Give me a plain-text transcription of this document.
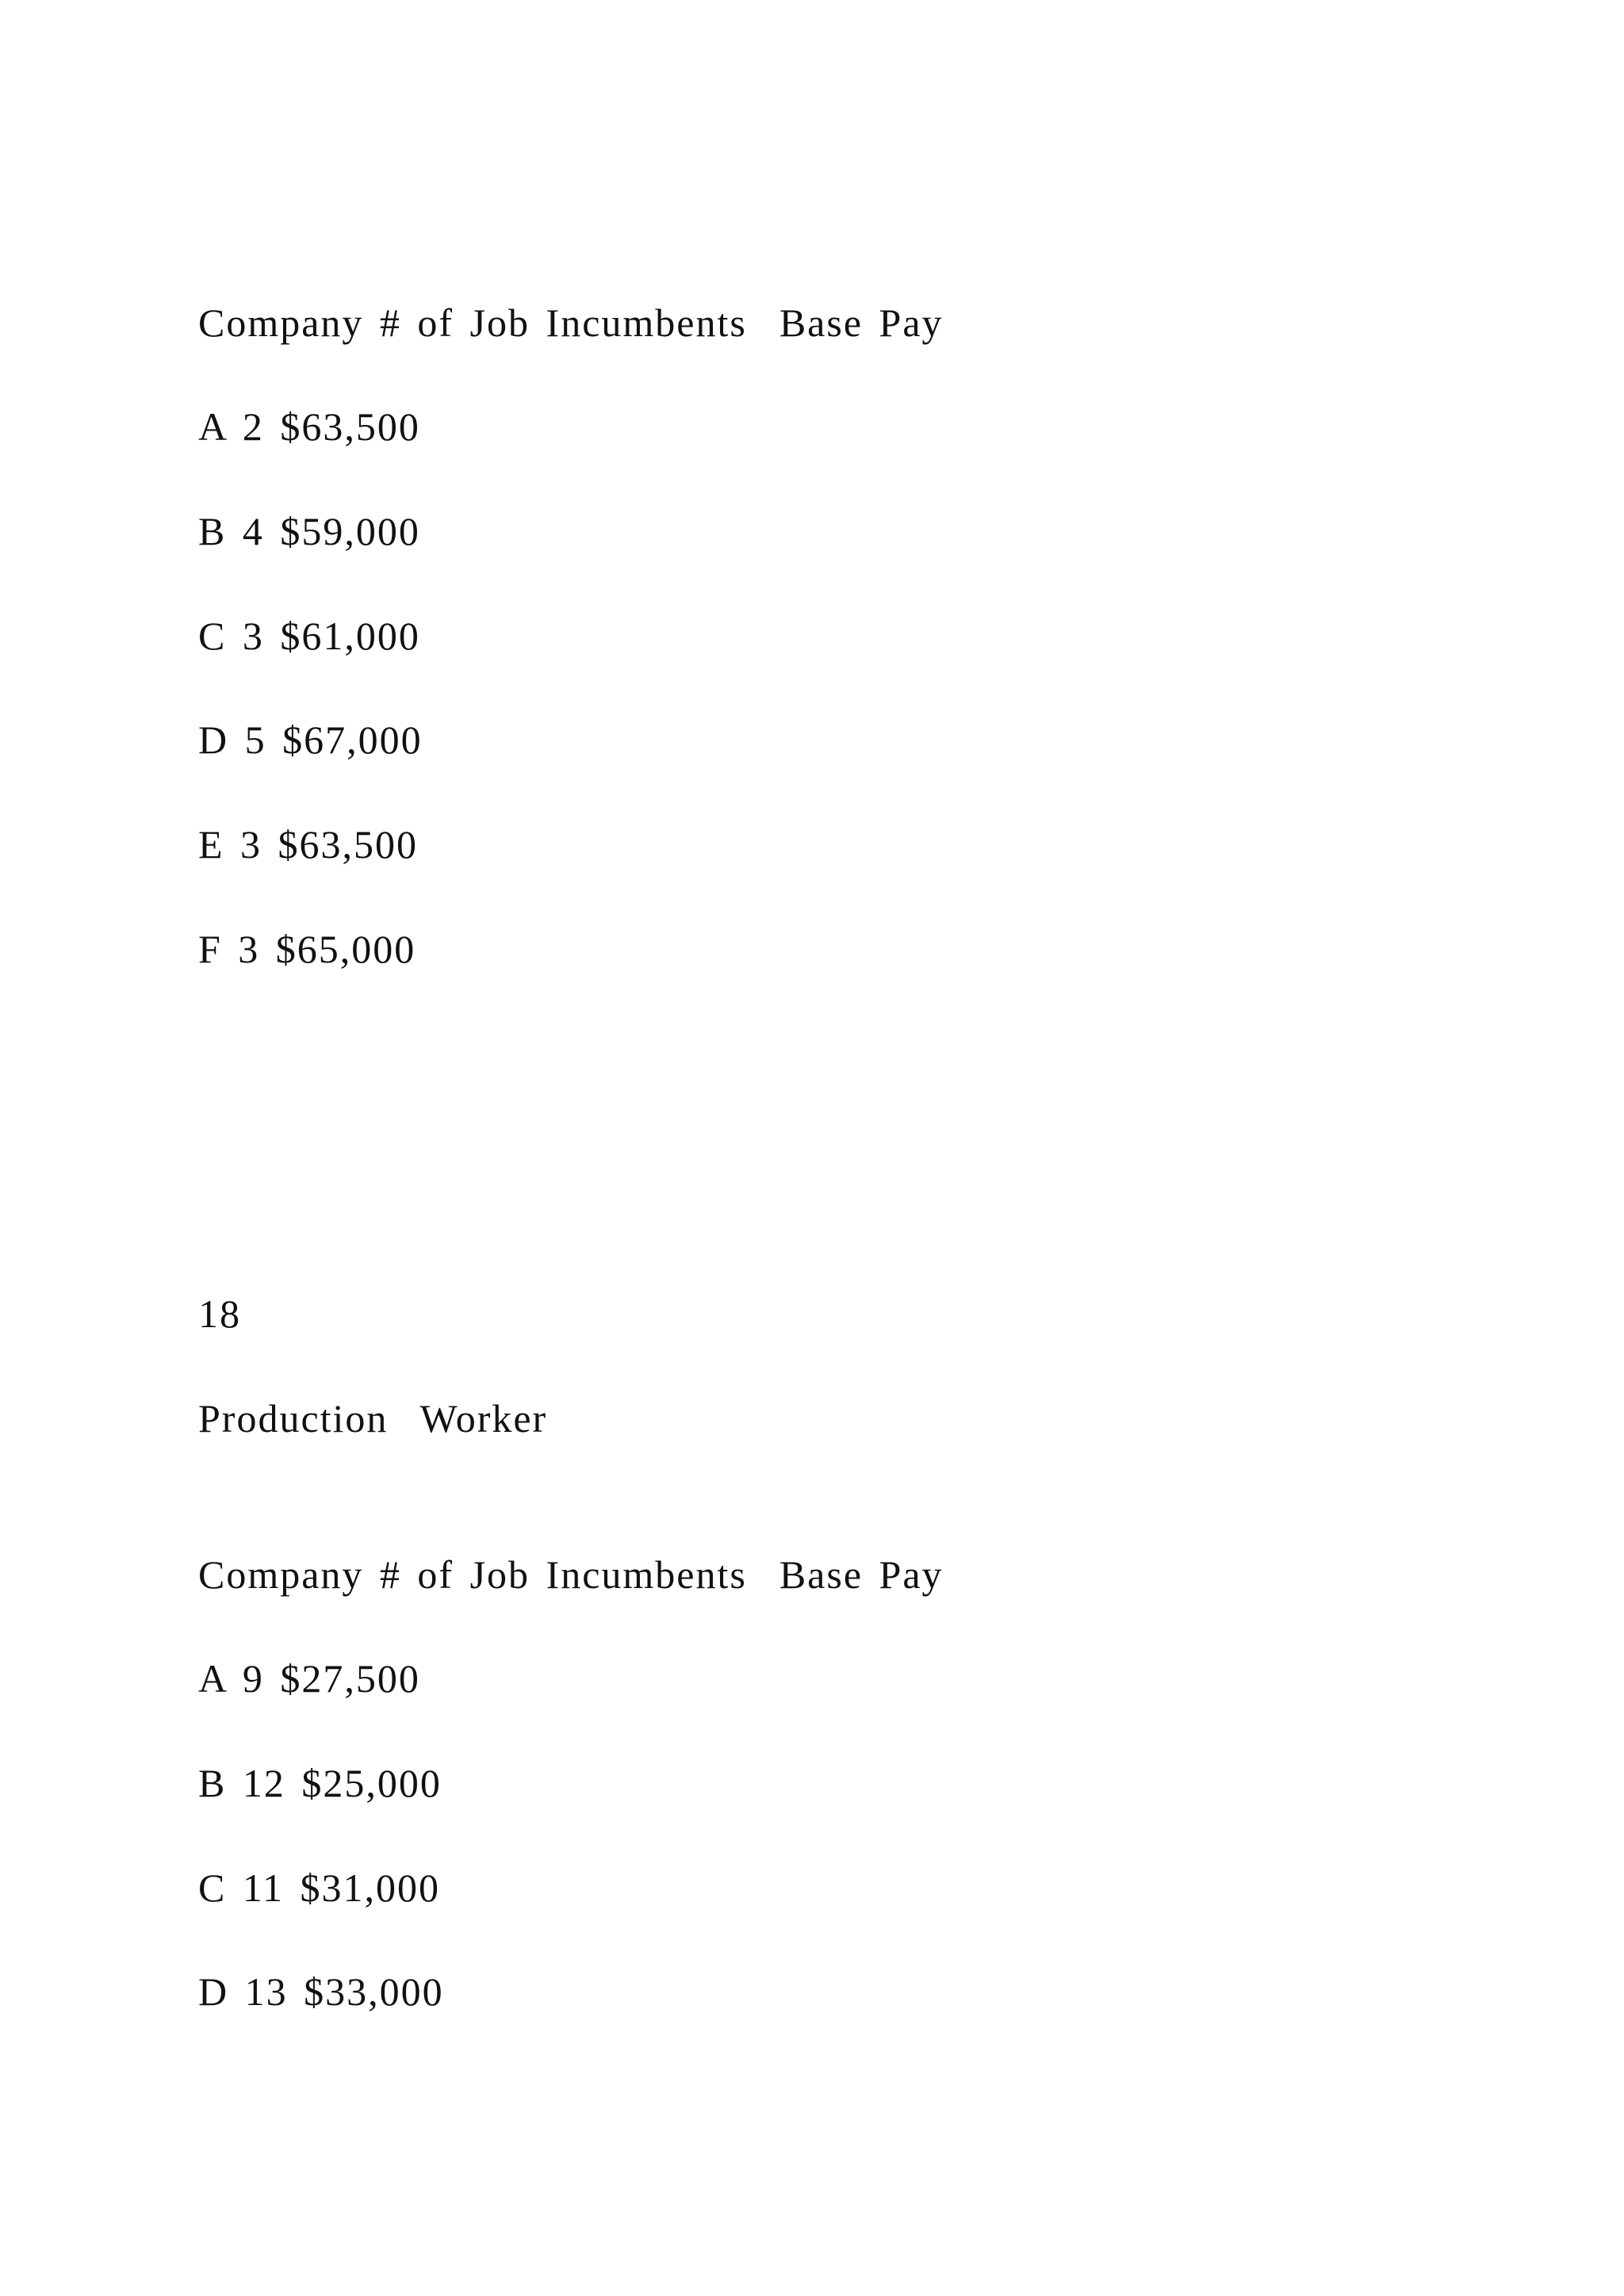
Company # of Job Incumbents  Base Pay

A 2 $63,500

B 4 $59,000

C 3 $61,000

D 5 $67,000

E 3 $63,500

F 3 $65,000

18

Production  Worker

Company # of Job Incumbents  Base Pay

A 9 $27,500

B 12 $25,000

C 11 $31,000

D 13 $33,000
